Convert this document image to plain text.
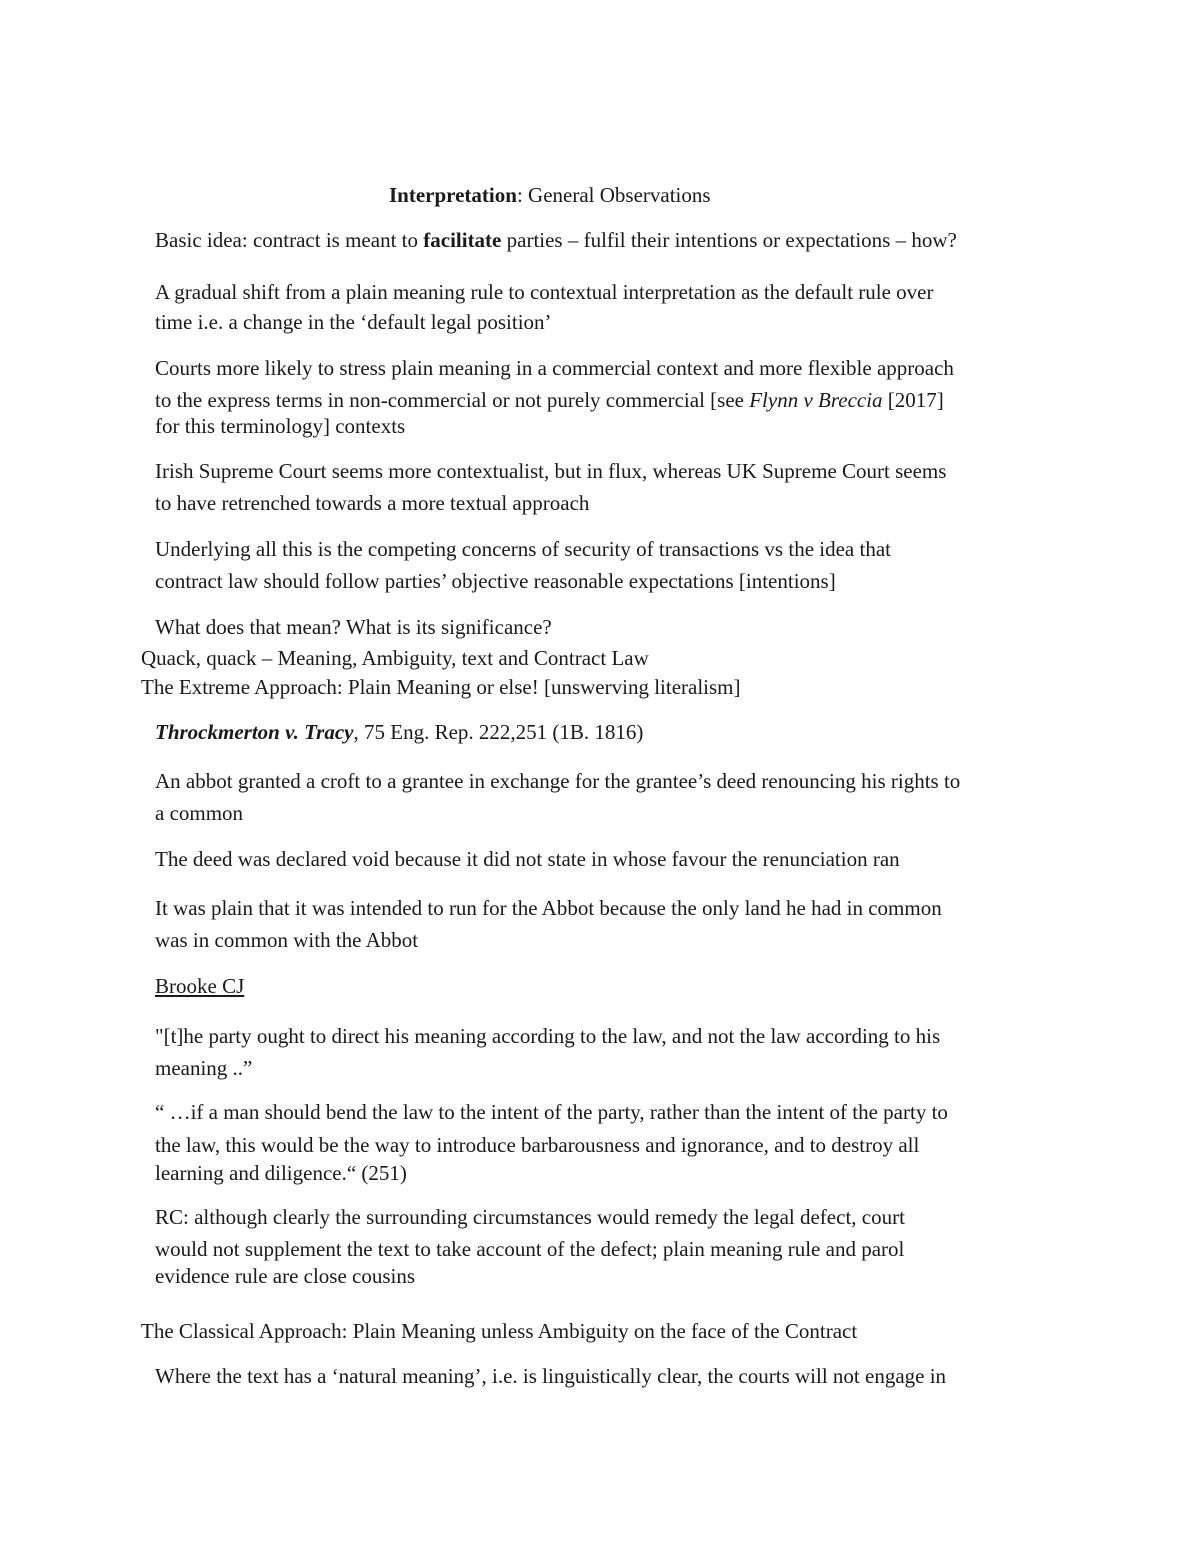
Interpretation: General Observations
Basic idea: contract is meant to facilitate parties – fulfil their intentions or expectations – how?
A gradual shift from a plain meaning rule to contextual interpretation as the default rule over
time i.e. a change in the ‘default legal position’
Courts more likely to stress plain meaning in a commercial context and more flexible approach
to the express terms in non-commercial or not purely commercial [see Flynn v Breccia [2017]
for this terminology] contexts
Irish Supreme Court seems more contextualist, but in flux, whereas UK Supreme Court seems
to have retrenched towards a more textual approach
Underlying all this is the competing concerns of security of transactions vs the idea that
contract law should follow parties’ objective reasonable expectations [intentions]
What does that mean? What is its significance?
Quack, quack – Meaning, Ambiguity, text and Contract Law
The Extreme Approach: Plain Meaning or else! [unswerving literalism]
Throckmerton v. Tracy, 75 Eng. Rep. 222,251 (1B. 1816)
An abbot granted a croft to a grantee in exchange for the grantee’s deed renouncing his rights to
a common
The deed was declared void because it did not state in whose favour the renunciation ran
It was plain that it was intended to run for the Abbot because the only land he had in common
was in common with the Abbot
Brooke CJ
"[t]he party ought to direct his meaning according to the law, and not the law according to his
meaning ..”
“ …if a man should bend the law to the intent of the party, rather than the intent of the party to
the law, this would be the way to introduce barbarousness and ignorance, and to destroy all
learning and diligence.“ (251)
RC: although clearly the surrounding circumstances would remedy the legal defect, court
would not supplement the text to take account of the defect; plain meaning rule and parol
evidence rule are close cousins
The Classical Approach: Plain Meaning unless Ambiguity on the face of the Contract
Where the text has a ‘natural meaning’, i.e. is linguistically clear, the courts will not engage in
